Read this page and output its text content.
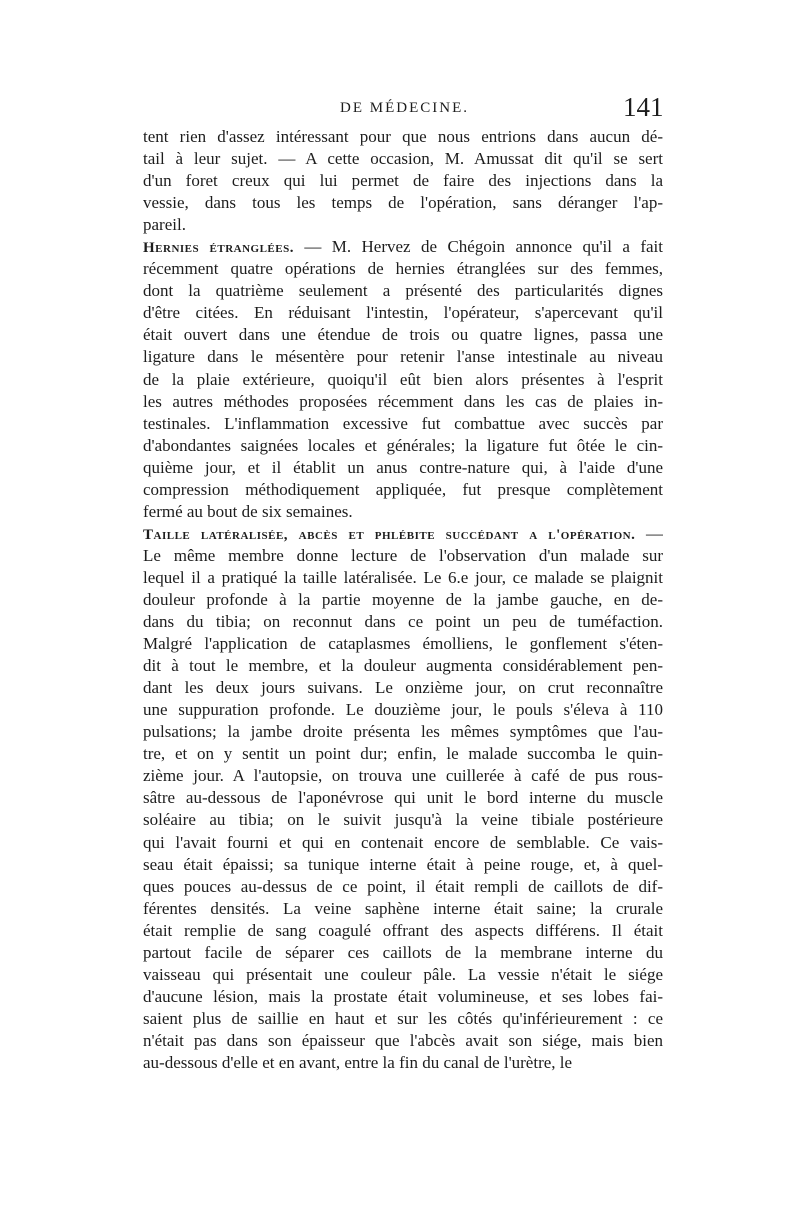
DE MÉDECINE.	141
tent rien d'assez intéressant pour que nous entrions dans aucun dé-
tail à leur sujet. — A cette occasion, M. Amussat dit qu'il se sert
d'un foret creux qui lui permet de faire des injections dans la
vessie, dans tous les temps de l'opération, sans déranger l'ap-
pareil.
Hernies étranglées. — M. Hervez de Chégoin annonce qu'il a fait
récemment quatre opérations de hernies étranglées sur des femmes,
dont la quatrième seulement a présenté des particularités dignes
d'être citées. En réduisant l'intestin, l'opérateur, s'apercevant qu'il
était ouvert dans une étendue de trois ou quatre lignes, passa une
ligature dans le mésentère pour retenir l'anse intestinale au niveau
de la plaie extérieure, quoiqu'il eût bien alors présentes à l'esprit
les autres méthodes proposées récemment dans les cas de plaies in-
testinales. L'inflammation excessive fut combattue avec succès par
d'abondantes saignées locales et générales; la ligature fut ôtée le cin-
quième jour, et il établit un anus contre-nature qui, à l'aide d'une
compression méthodiquement appliquée, fut presque complètement
fermé au bout de six semaines.
Taille latéralisée, abcès et phlébite succédant a l'opération. —
Le même membre donne lecture de l'observation d'un malade sur
lequel il a pratiqué la taille latéralisée. Le 6.e jour, ce malade se plaignit
douleur profonde à la partie moyenne de la jambe gauche, en de-
dans du tibia; on reconnut dans ce point un peu de tuméfaction.
Malgré l'application de cataplasmes émolliens, le gonflement s'éten-
dit à tout le membre, et la douleur augmenta considérablement pen-
dant les deux jours suivans. Le onzième jour, on crut reconnaître
une suppuration profonde. Le douzième jour, le pouls s'éleva à 110
pulsations; la jambe droite présenta les mêmes symptômes que l'au-
tre, et on y sentit un point dur; enfin, le malade succomba le quin-
zième jour. A l'autopsie, on trouva une cuillerée à café de pus rous-
sâtre au-dessous de l'aponévrose qui unit le bord interne du muscle
soléaire au tibia; on le suivit jusqu'à la veine tibiale postérieure
qui l'avait fourni et qui en contenait encore de semblable. Ce vais-
seau était épaissi; sa tunique interne était à peine rouge, et, à quel-
ques pouces au-dessus de ce point, il était rempli de caillots de dif-
férentes densités. La veine saphène interne était saine; la crurale
était remplie de sang coagulé offrant des aspects différens. Il était
partout facile de séparer ces caillots de la membrane interne du
vaisseau qui présentait une couleur pâle. La vessie n'était le siége
d'aucune lésion, mais la prostate était volumineuse, et ses lobes fai-
saient plus de saillie en haut et sur les côtés qu'inférieurement : ce
n'était pas dans son épaisseur que l'abcès avait son siége, mais bien
au-dessous d'elle et en avant, entre la fin du canal de l'urètre, le
